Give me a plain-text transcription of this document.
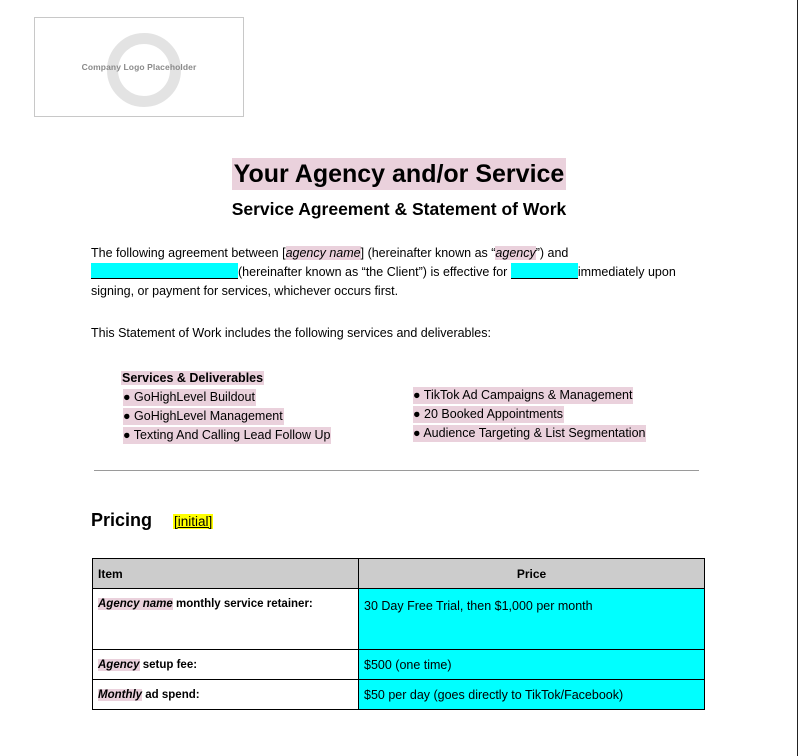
Company Logo Placeholder
Your Agency and/or Service
Service Agreement & Statement of Work
The following agreement between [agency name] (hereinafter known as “agency”) and
(hereinafter known as “the Client”) is effective for	immediately upon signing, or payment for services, whichever occurs first.
This Statement of Work includes the following services and deliverables:
Services & Deliverables
● GoHighLevel Buildout
● GoHighLevel Management
● Texting And Calling Lead Follow Up
● TikTok Ad Campaigns & Management
● 20 Booked Appointments
● Audience Targeting & List Segmentation
Pricing [initial]
Item	Price
Agency name monthly service retainer:	30 Day Free Trial, then $1,000 per month
Agency setup fee:	$500 (one time)
Monthly ad spend:	$50 per day (goes directly to TikTok/Facebook)
